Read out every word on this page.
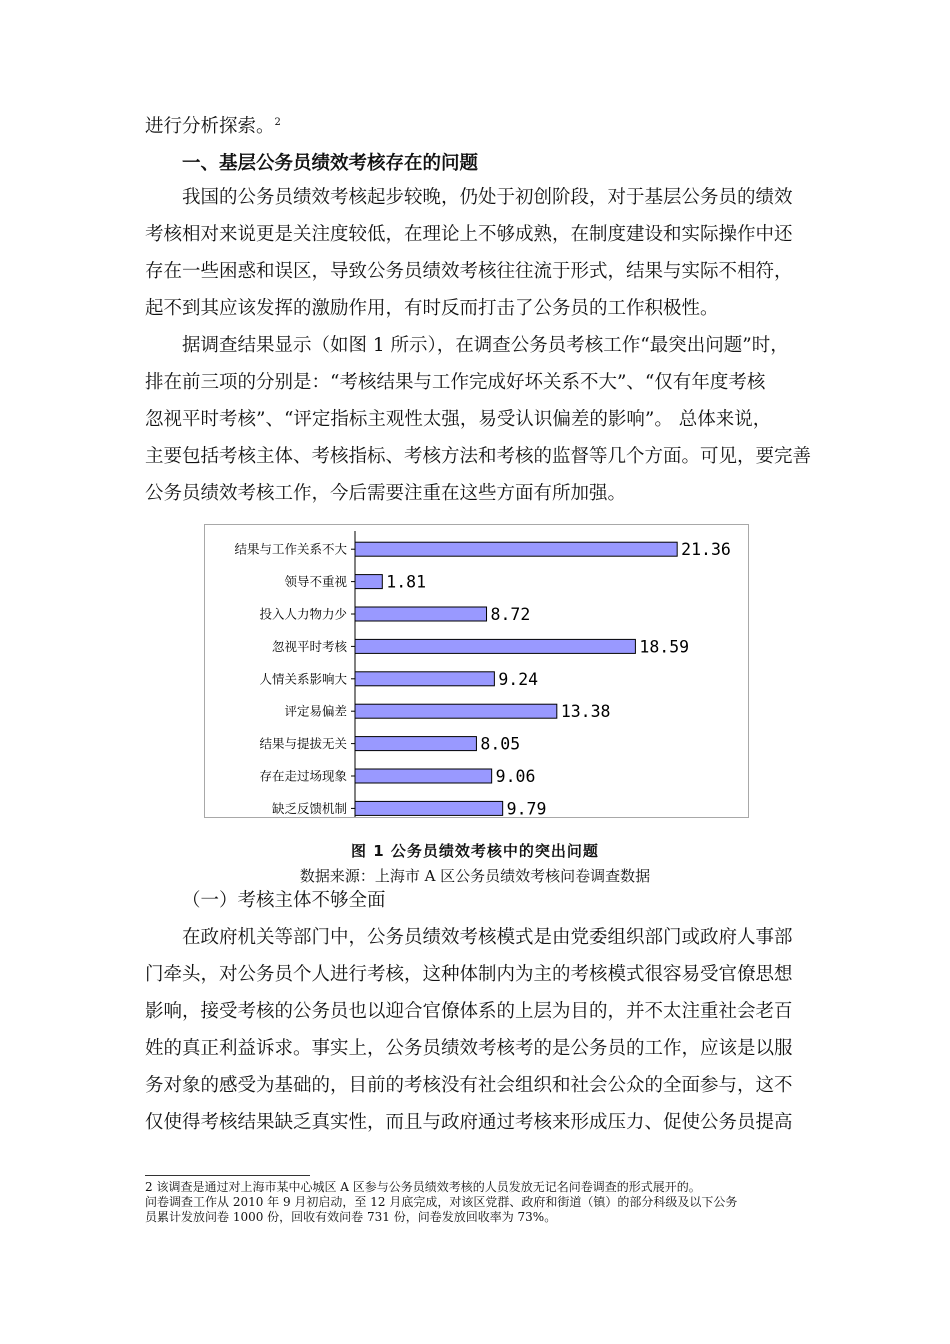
进行分析探索。$^2$
一、基层公务员绩效考核存在的问题
我国的公务员绩效考核起步较晚，仍处于初创阶段，对于基层公务员的绩效
考核相对来说更是关注度较低，在理论上不够成熟，在制度建设和实际操作中还
存在一些困惑和误区，导致公务员绩效考核往往流于形式，结果与实际不相符，
起不到其应该发挥的激励作用，有时反而打击了公务员的工作积极性。
据调查结果显示（如图 1 所示），在调查公务员考核工作“最突出问题”时，
排在前三项的分别是：“考核结果与工作完成好坏关系不大”、“仅有年度考核
忽视平时考核”、“评定指标主观性太强，易受认识偏差的影响”。 总体来说，
主要包括考核主体、考核指标、考核方法和考核的监督等几个方面。可见，要完善
公务员绩效考核工作，今后需要注重在这些方面有所加强。
结果与工作关系不大	21.36
领导不重视 1.81
投入人力物力少	8.72
忽视平时考核	18.59
人情关系影响大	9.24
评定易偏差	13.38
结果与提拔无关	8.05
存在走过场现象	9.06
缺乏反馈机制	9.79
图 1 公务员绩效考核中的突出问题
数据来源：上海市 A 区公务员绩效考核问卷调查数据
（一）考核主体不够全面
在政府机关等部门中，公务员绩效考核模式是由党委组织部门或政府人事部
门牵头，对公务员个人进行考核，这种体制内为主的考核模式很容易受官僚思想
影响，接受考核的公务员也以迎合官僚体系的上层为目的，并不太注重社会老百
姓的真正利益诉求。事实上，公务员绩效考核考的是公务员的工作，应该是以服
务对象的感受为基础的，目前的考核没有社会组织和社会公众的全面参与，这不
仅使得考核结果缺乏真实性，而且与政府通过考核来形成压力、促使公务员提高
2 该调查是通过对上海市某中心城区 A 区参与公务员绩效考核的人员发放无记名问卷调查的形式展开的。
问卷调查工作从 2010 年 9 月初启动，至 12 月底完成，对该区党群、政府和街道（镇）的部分科级及以下公务
员累计发放问卷 1000 份，回收有效问卷 731 份，问卷发放回收率为 73%。
